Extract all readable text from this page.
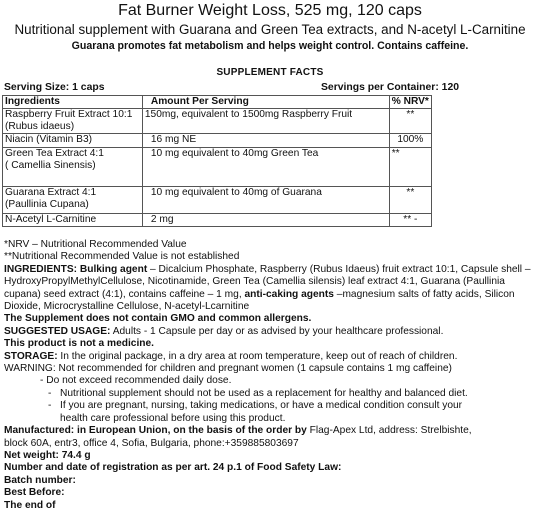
Fat Burner Weight Loss, 525 mg, 120 caps
Nutritional supplement with Guarana and Green Tea extracts, and N-acetyl L-Carnitine
Guarana promotes fat metabolism and helps weight control. Contains caffeine.
SUPPLEMENT FACTS
Serving Size: 1 caps	Servings per Container: 120
Ingredients	Amount Per Serving	% NRV*

Raspberry Fruit Extract 10:1
(Rubus idaeus)	150mg, equivalent to 1500mg Raspberry Fruit	**
Niacin (Vitamin B3)	16 mg NE	100%

Green Tea Extract 4:1
( Camellia Sinensis)	10 mg equivalent to 40mg Green Tea	**

Guarana Extract 4:1
(Paullinia Cupana)	10 mg equivalent to 40mg of Guarana	**
N-Acetyl L-Carnitine	2 mg	** -

*NRV – Nutritional Recommended Value

**Nutritional Recommended Value is not established

INGREDIENTS: Bulking agent – Dicalcium Phosphate, Raspberry (Rubus Idaeus) fruit extract 10:1, Capsule shell – HydroxyPropylMethylCellulose, Nicotinamide, Green Tea (Camellia silensis) leaf extract 4:1, Guarana (Paullinia cupana) seed extract (4:1), contains caffeine – 1 mg, anti-caking agents –magnesium salts of fatty acids, Silicon Dioxide, Microcrystalline Cellulose, N-acetyl-Lcarnitine

The Supplement does not contain GMO and common allergens.

SUGGESTED USAGE: Adults - 1 Capsule per day or as advised by your healthcare professional.

This product is not a medicine.

STORAGE: In the original package, in a dry area at room temperature, keep out of reach of children.

WARNING: Not recommended for children and pregnant women (1 capsule contains 1 mg caffeine)

- Do not exceed recommended daily dose.

- Nutritional supplement should not be used as a replacement for healthy and balanced diet.
- If you are pregnant, nursing, taking medications, or have a medical condition consult your health care professional before using this product.

Manufactured: in European Union, on the basis of the order by Flag-Apex Ltd, address: Strelbishte, block 60A, entr3, office 4, Sofia, Bulgaria, phone:+359885803697

Net weight: 74.4 g

Number and date of registration as per art. 24 p.1 of Food Safety Law:

Batch number:

Best Before:

The end of
